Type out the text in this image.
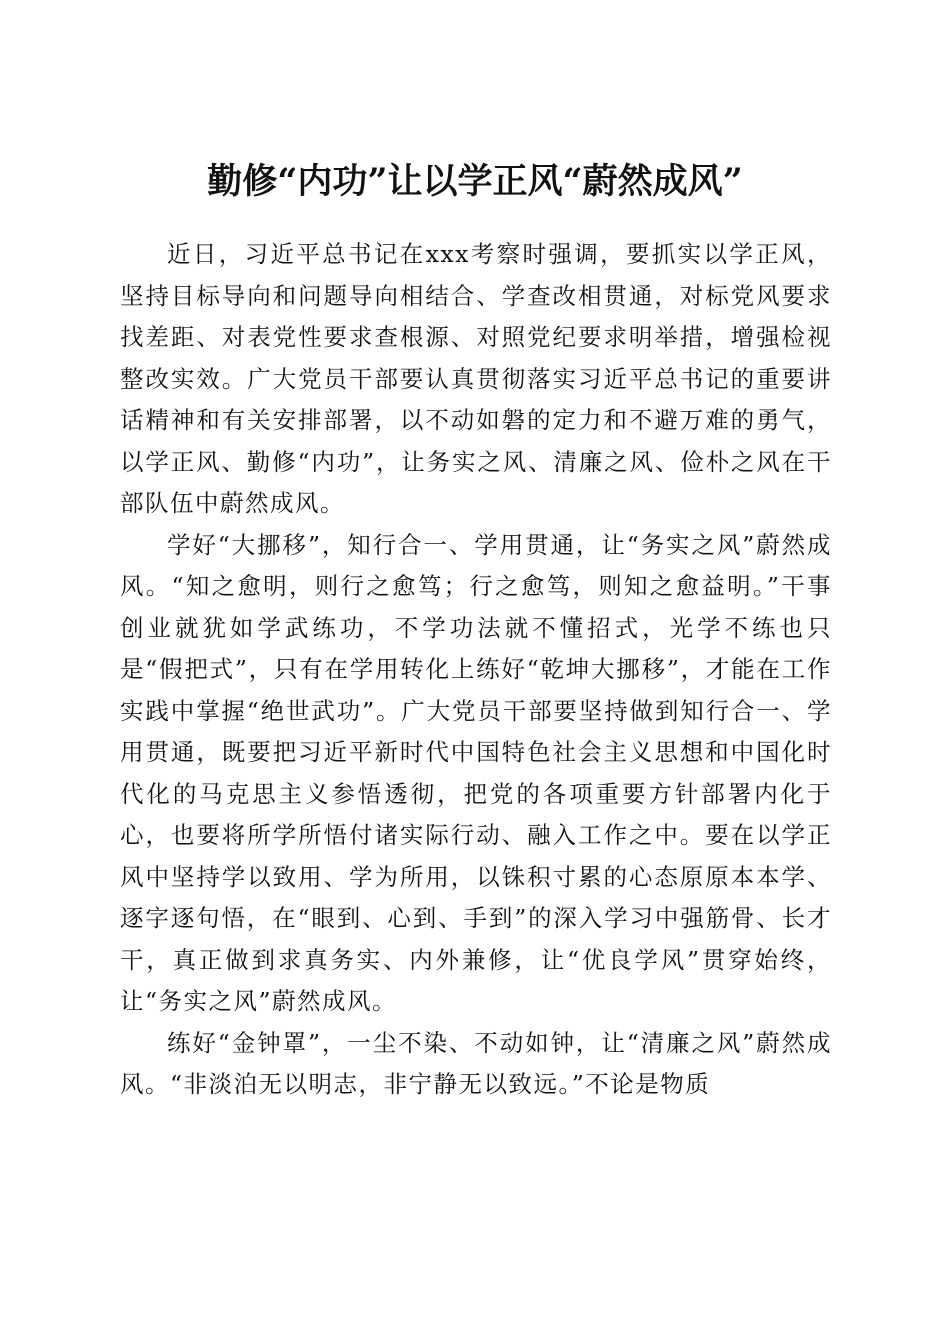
勤修“内功”让以学正风“蔚然成风”

近日，习近平总书记在xxx考察时强调，要抓实以学正风，坚持目标导向和问题导向相结合、学查改相贯通，对标党风要求找差距、对表党性要求查根源、对照党纪要求明举措，增强检视整改实效。广大党员干部要认真贯彻落实习近平总书记的重要讲话精神和有关安排部署，以不动如磐的定力和不避万难的勇气，以学正风、勤修“内功”，让务实之风、清廉之风、俭朴之风在干部队伍中蔚然成风。

学好“大挪移”，知行合一、学用贯通，让“务实之风”蔚然成风。“知之愈明，则行之愈笃；行之愈笃，则知之愈益明。”干事创业就犹如学武练功，不学功法就不懂招式，光学不练也只是“假把式”，只有在学用转化上练好“乾坤大挪移”，才能在工作实践中掌握“绝世武功”。广大党员干部要坚持做到知行合一、学用贯通，既要把习近平新时代中国特色社会主义思想和中国化时代化的马克思主义参悟透彻，把党的各项重要方针部署内化于心，也要将所学所悟付诸实际行动、融入工作之中。要在以学正风中坚持学以致用、学为所用，以铢积寸累的心态原原本本学、逐字逐句悟，在“眼到、心到、手到”的深入学习中强筋骨、长才干，真正做到求真务实、内外兼修，让“优良学风”贯穿始终，让“务实之风”蔚然成风。

练好“金钟罩”，一尘不染、不动如钟，让“清廉之风”蔚然成风。“非淡泊无以明志，非宁静无以致远。”不论是物质
